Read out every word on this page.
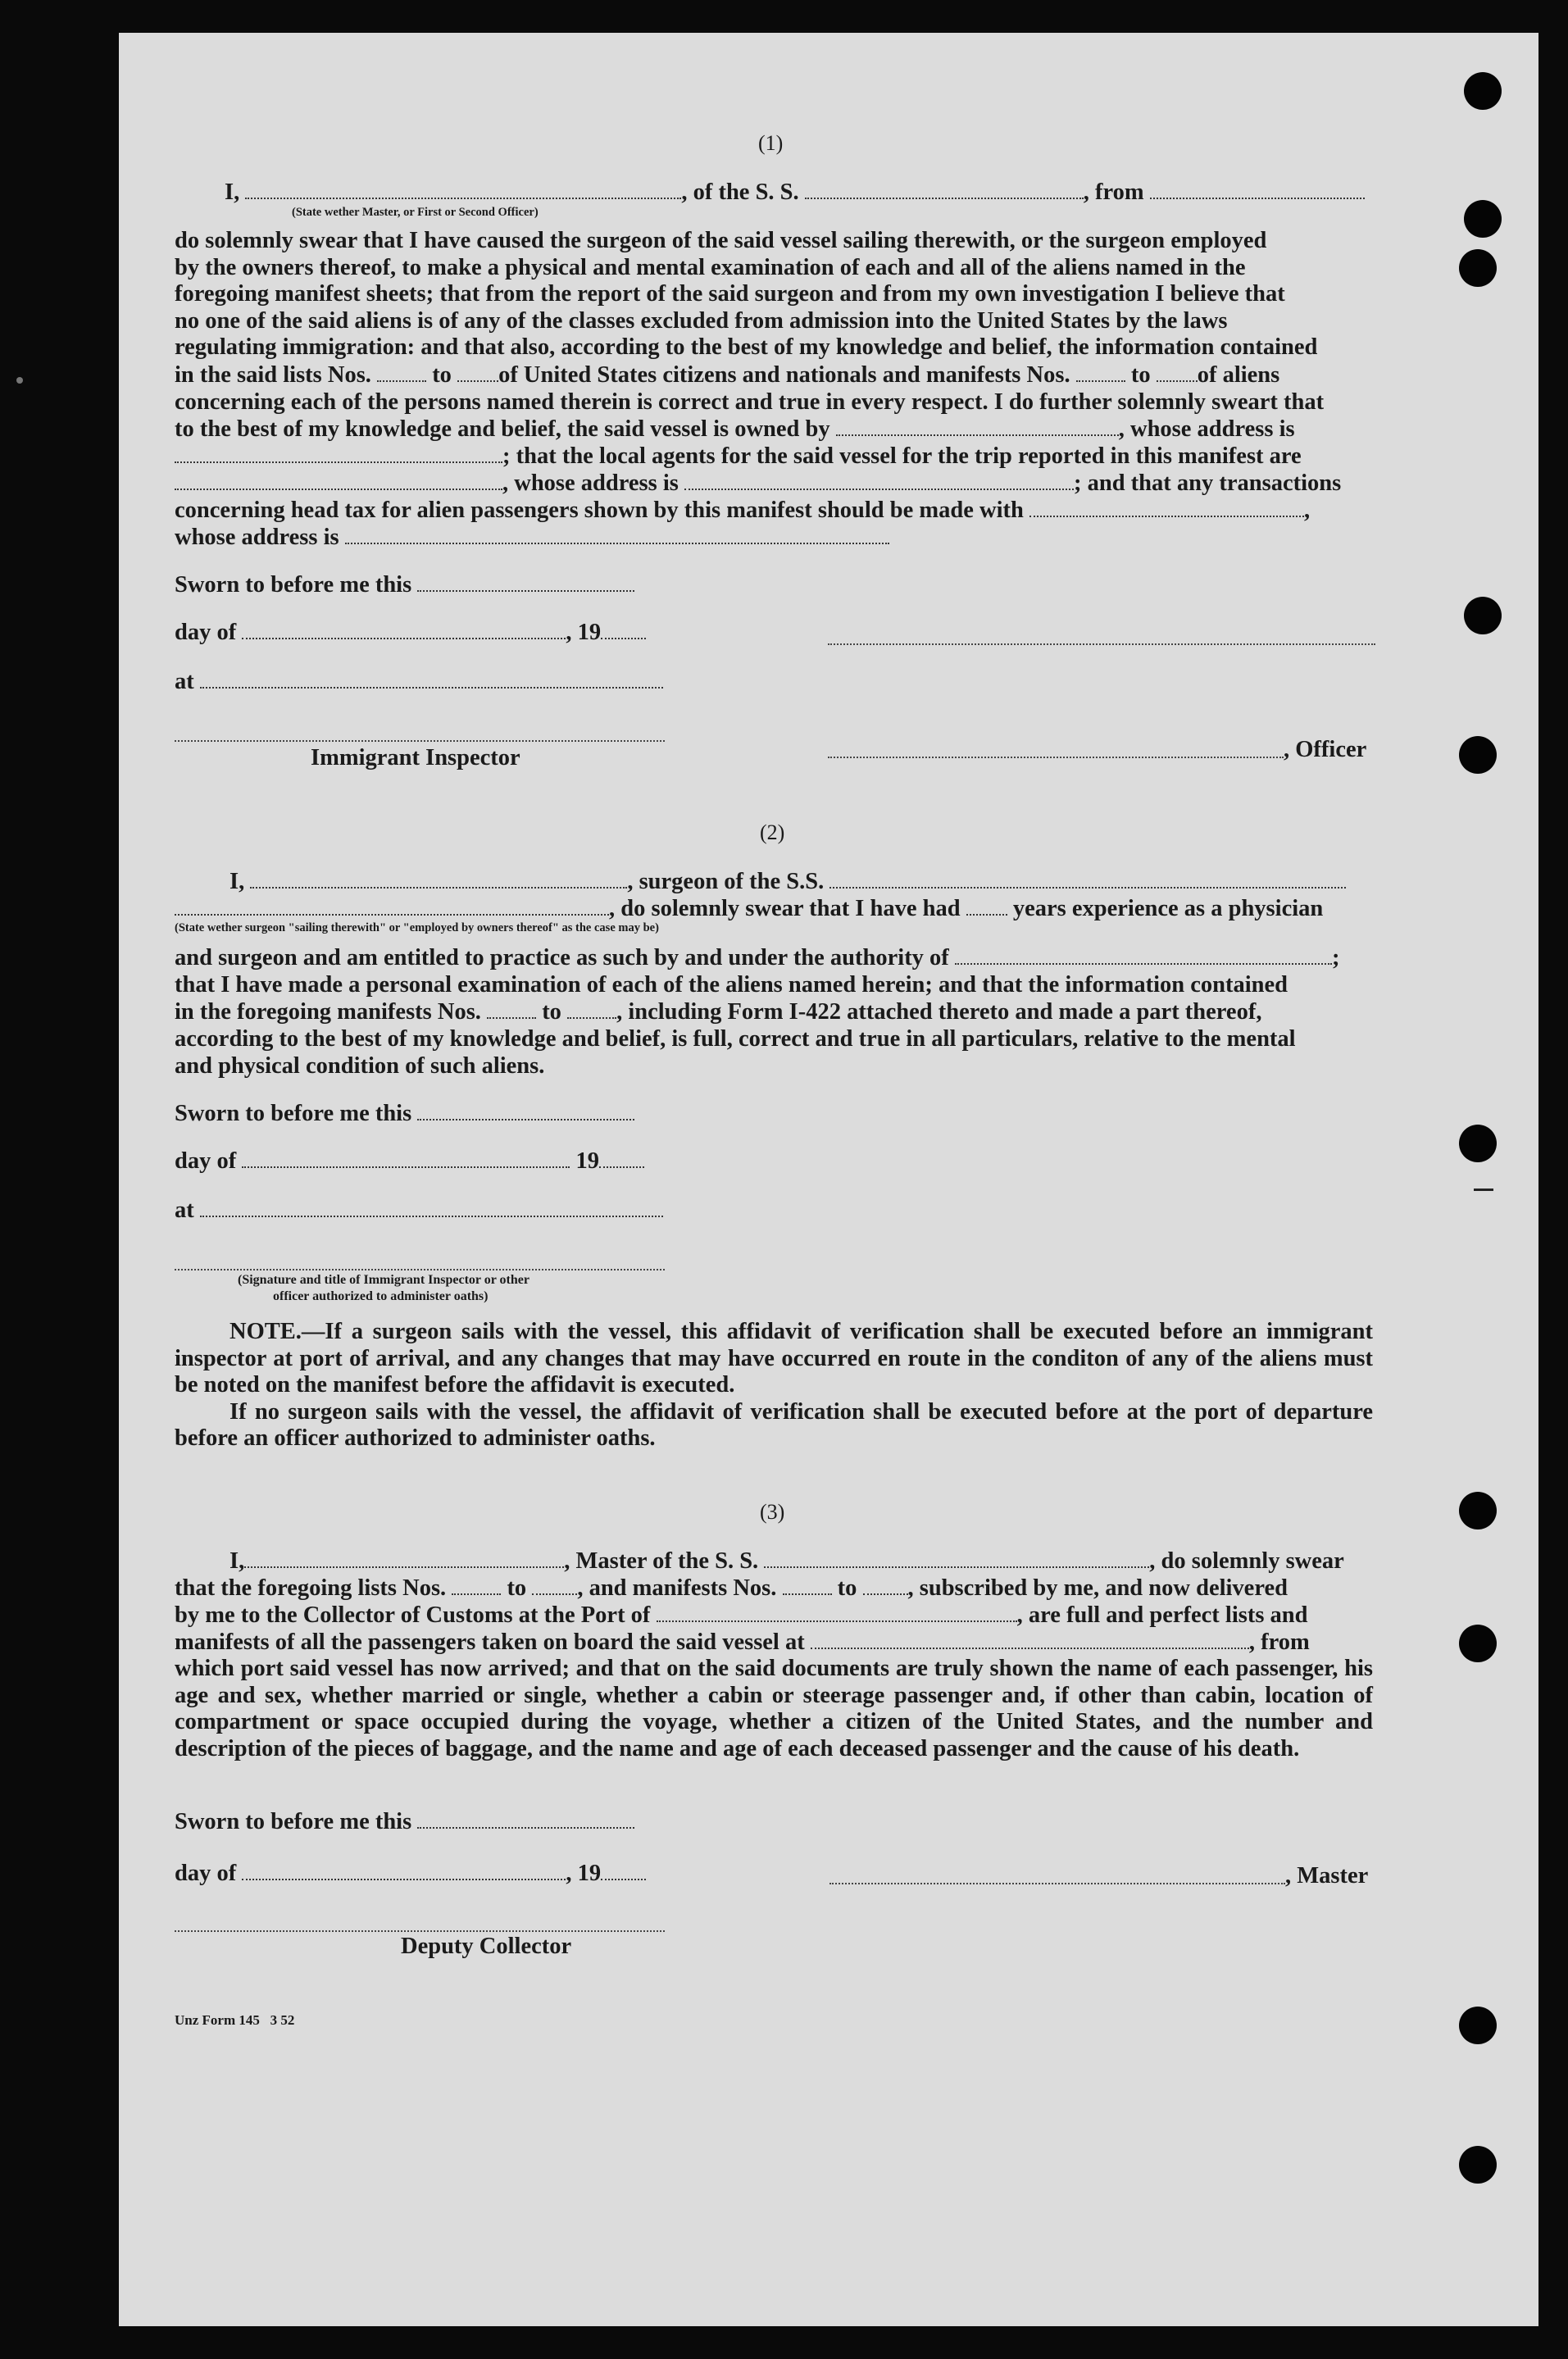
(1)
I,	, of the S. S.	, from
(State wether Master, or First or Second Officer)
do solemnly swear that I have caused the surgeon of the said vessel sailing therewith, or the surgeon employed
by the owners thereof, to make a physical and mental examination of each and all of the aliens named in the
foregoing manifest sheets; that from the report of the said surgeon and from my own investigation I believe that
no one of the said aliens is of any of the classes excluded from admission into the United States by the laws
regulating immigration: and that also, according to the best of my knowledge and belief, the information contained
in the said lists Nos.	to of United States citizens and nationals and manifests Nos.	to of aliens
concerning each of the persons named therein is correct and true in every respect. I do further solemnly sweart that
to the best of my knowledge and belief, the said vessel is owned by	, whose address is
; that the local agents for the said vessel for the trip reported in this manifest are
, whose address is	; and that any transactions
concerning head tax for alien passengers shown by this manifest should be made with	,
whose address is
Sworn to before me this
day of	, 19
at
Immigrant Inspector	, Officer
(2)
I,	, surgeon of the S.S.
, do solemnly swear that I have had years experience as a physician
(State wether surgeon "sailing therewith" or "employed by owners thereof" as the case may be)
and surgeon and am entitled to practice as such by and under the authority of	;
that I have made a personal examination of each of the aliens named herein; and that the information contained
in the foregoing manifests Nos.	to , including Form I-422 attached thereto and made a part thereof,
according to the best of my knowledge and belief, is full, correct and true in all particulars, relative to the mental
and physical condition of such aliens.
Sworn to before me this
day of	19
at
(Signature and title of Immigrant Inspector or other
officer authorized to administer oaths)
NOTE.—If a surgeon sails with the vessel, this affidavit of verification shall be executed before an immigrant inspector at port of arrival, and any changes that may have occurred en route in the conditon of any of the aliens must be noted on the manifest before the affidavit is executed.
If no surgeon sails with the vessel, the affidavit of verification shall be executed before at the port of departure before an officer authorized to administer oaths.
(3)
I,	, Master of the S. S.	, do solemnly swear
that the foregoing lists Nos.	to , and manifests Nos.	to , subscribed by me, and now delivered
by me to the Collector of Customs at the Port of	, are full and perfect lists and
manifests of all the passengers taken on board the said vessel at	, from
which port said vessel has now arrived; and that on the said documents are truly shown the name of each passenger, his age and sex, whether married or single, whether a cabin or steerage passenger and, if other than cabin, location of compartment or space occupied during the voyage, whether a citizen of the United States, and the number and description of the pieces of baggage, and the name and age of each deceased passenger and the cause of his death.
Sworn to before me this
day of	, 19	, Master
Deputy Collector
Unz Form 145   3 52
